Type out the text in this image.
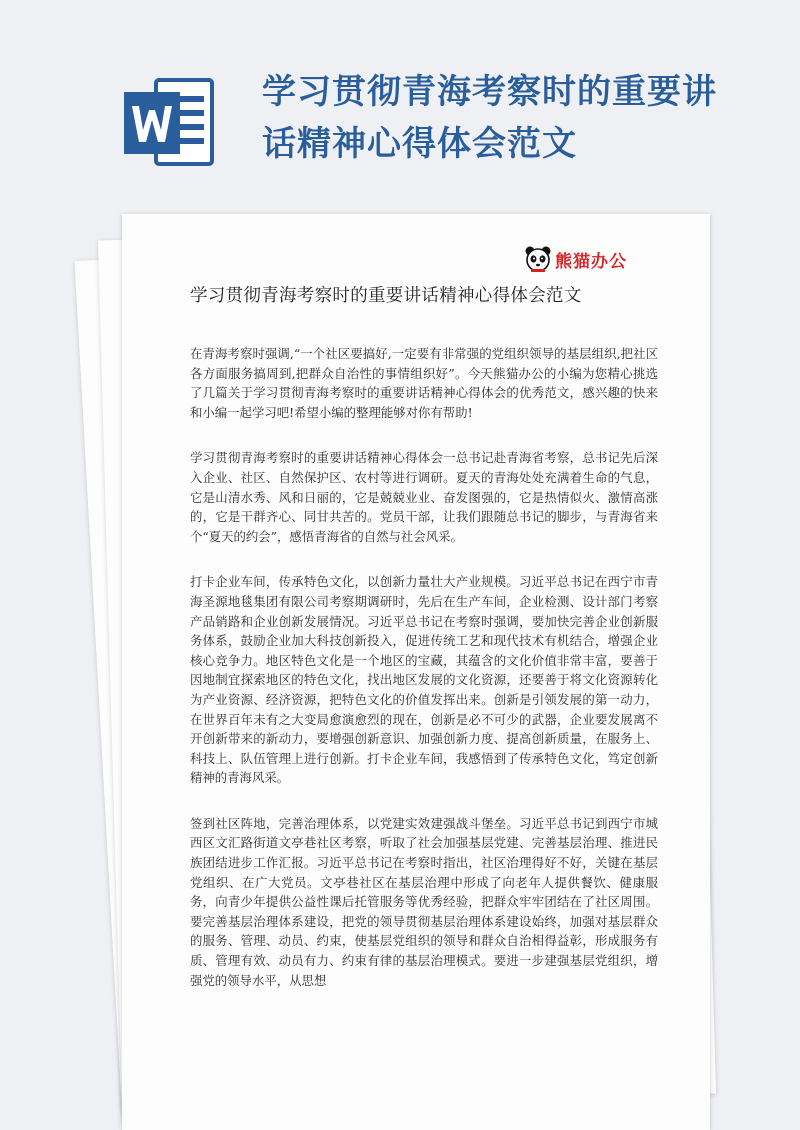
学习贯彻青海考察时的重要讲话精神心得体会范文
熊猫办公
学习贯彻青海考察时的重要讲话精神心得体会范文

在青海考察时强调,“一个社区要搞好,一定要有非常强的党组织领导的基层组织,把社区各方面服务搞周到,把群众自治性的事情组织好”。今天熊猫办公的小编为您精心挑选了几篇关于学习贯彻青海考察时的重要讲话精神心得体会的优秀范文，感兴趣的快来和小编一起学习吧!希望小编的整理能够对你有帮助!

学习贯彻青海考察时的重要讲话精神心得体会一总书记赴青海省考察，总书记先后深入企业、社区、自然保护区、农村等进行调研。夏天的青海处处充满着生命的气息，它是山清水秀、风和日丽的，它是兢兢业业、奋发图强的，它是热情似火、激情高涨的，它是干群齐心、同甘共苦的。党员干部，让我们跟随总书记的脚步，与青海省来个“夏天的约会”，感悟青海省的自然与社会风采。

打卡企业车间，传承特色文化，以创新力量壮大产业规模。习近平总书记在西宁市青海圣源地毯集团有限公司考察期调研时，先后在生产车间，企业检测、设计部门考察产品销路和企业创新发展情况。习近平总书记在考察时强调，要加快完善企业创新服务体系，鼓励企业加大科技创新投入，促进传统工艺和现代技术有机结合，增强企业核心竞争力。地区特色文化是一个地区的宝藏，其蕴含的文化价值非常丰富，要善于因地制宜探索地区的特色文化，找出地区发展的文化资源，还要善于将文化资源转化为产业资源、经济资源，把特色文化的价值发挥出来。创新是引领发展的第一动力，在世界百年未有之大变局愈演愈烈的现在，创新是必不可少的武器，企业要发展离不开创新带来的新动力，要增强创新意识、加强创新力度、提高创新质量，在服务上、科技上、队伍管理上进行创新。打卡企业车间，我感悟到了传承特色文化，笃定创新精神的青海风采。

签到社区阵地，完善治理体系，以党建实效建强战斗堡垒。习近平总书记到西宁市城西区文汇路街道文亭巷社区考察，听取了社会加强基层党建、完善基层治理、推进民族团结进步工作汇报。习近平总书记在考察时指出，社区治理得好不好，关键在基层党组织、在广大党员。文亭巷社区在基层治理中形成了向老年人提供餐饮、健康服务，向青少年提供公益性课后托管服务等优秀经验，把群众牢牢团结在了社区周围。要完善基层治理体系建设，把党的领导贯彻基层治理体系建设始终，加强对基层群众的服务、管理、动员、约束，使基层党组织的领导和群众自治相得益彰，形成服务有质、管理有效、动员有力、约束有律的基层治理模式。要进一步建强基层党组织，增强党的领导水平，从思想
